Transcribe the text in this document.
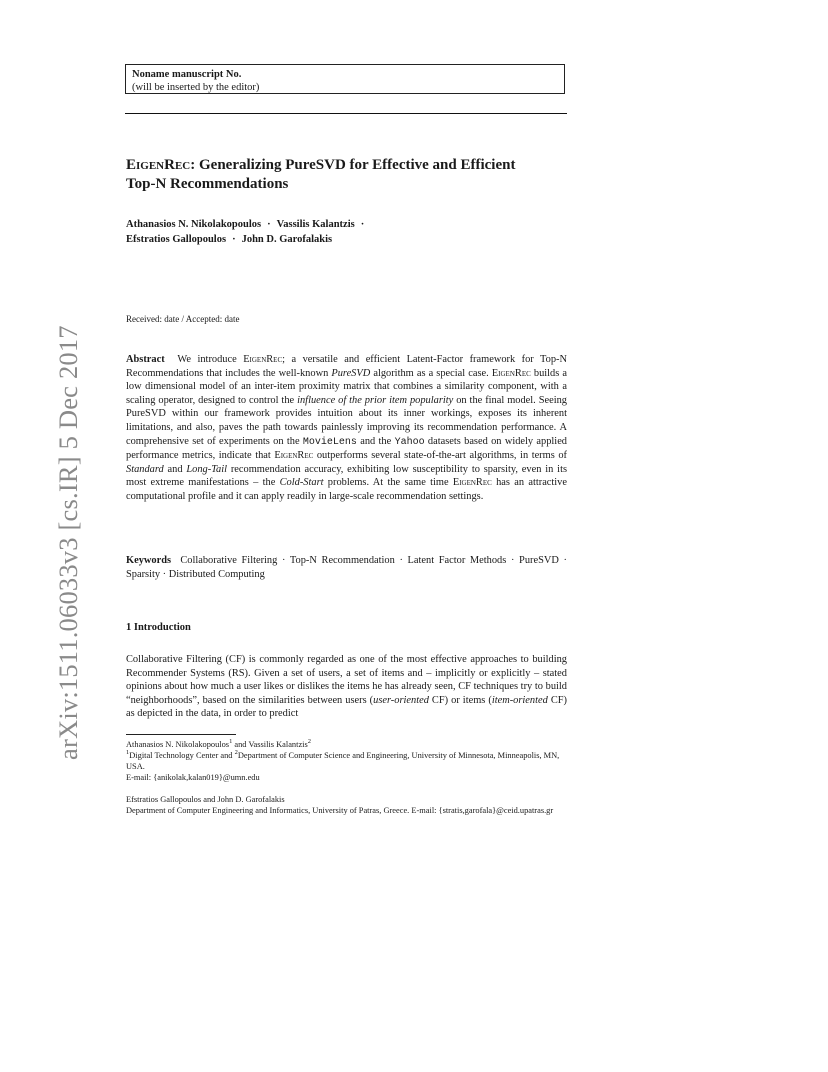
Noname manuscript No.
(will be inserted by the editor)
arXiv:1511.06033v3 [cs.IR] 5 Dec 2017
EigenRec: Generalizing PureSVD for Effective and Efficient
Top-N Recommendations
Athanasios N. Nikolakopoulos · Vassilis Kalantzis ·
Efstratios Gallopoulos · John D. Garofalakis
Received: date / Accepted: date
Abstract We introduce EigenRec; a versatile and efficient Latent-Factor framework for Top-N Recommendations that includes the well-known PureSVD algorithm as a special case. EigenRec builds a low dimensional model of an inter-item proximity matrix that combines a similarity component, with a scaling operator, designed to control the influence of the prior item popularity on the final model. Seeing PureSVD within our framework provides intuition about its inner workings, exposes its inherent limitations, and also, paves the path towards painlessly improving its recommendation performance. A comprehensive set of experiments on the MovieLens and the Yahoo datasets based on widely applied performance metrics, indicate that EigenRec outperforms several state-of-the-art algorithms, in terms of Standard and Long-Tail recommendation accuracy, exhibiting low susceptibility to sparsity, even in its most extreme manifestations – the Cold-Start problems. At the same time EigenRec has an attractive computational profile and it can apply readily in large-scale recommendation settings.
Keywords Collaborative Filtering · Top-N Recommendation · Latent Factor Methods · PureSVD · Sparsity · Distributed Computing
1 Introduction
Collaborative Filtering (CF) is commonly regarded as one of the most effective approaches to building Recommender Systems (RS). Given a set of users, a set of items and – implicitly or explicitly – stated opinions about how much a user likes or dislikes the items he has already seen, CF techniques try to build “neighborhoods”, based on the similarities between users (user-oriented CF) or items (item-oriented CF) as depicted in the data, in order to predict
Athanasios N. Nikolakopoulos$^1$ and Vassilis Kalantzis$^2$
$^1$Digital Technology Center and $^2$Department of Computer Science and Engineering, University of Minnesota, Minneapolis, MN, USA.
E-mail: {anikolak,kalan019}@umn.edu
Efstratios Gallopoulos and John D. Garofalakis
Department of Computer Engineering and Informatics, University of Patras, Greece. E-mail: {stratis,garofala}@ceid.upatras.gr
